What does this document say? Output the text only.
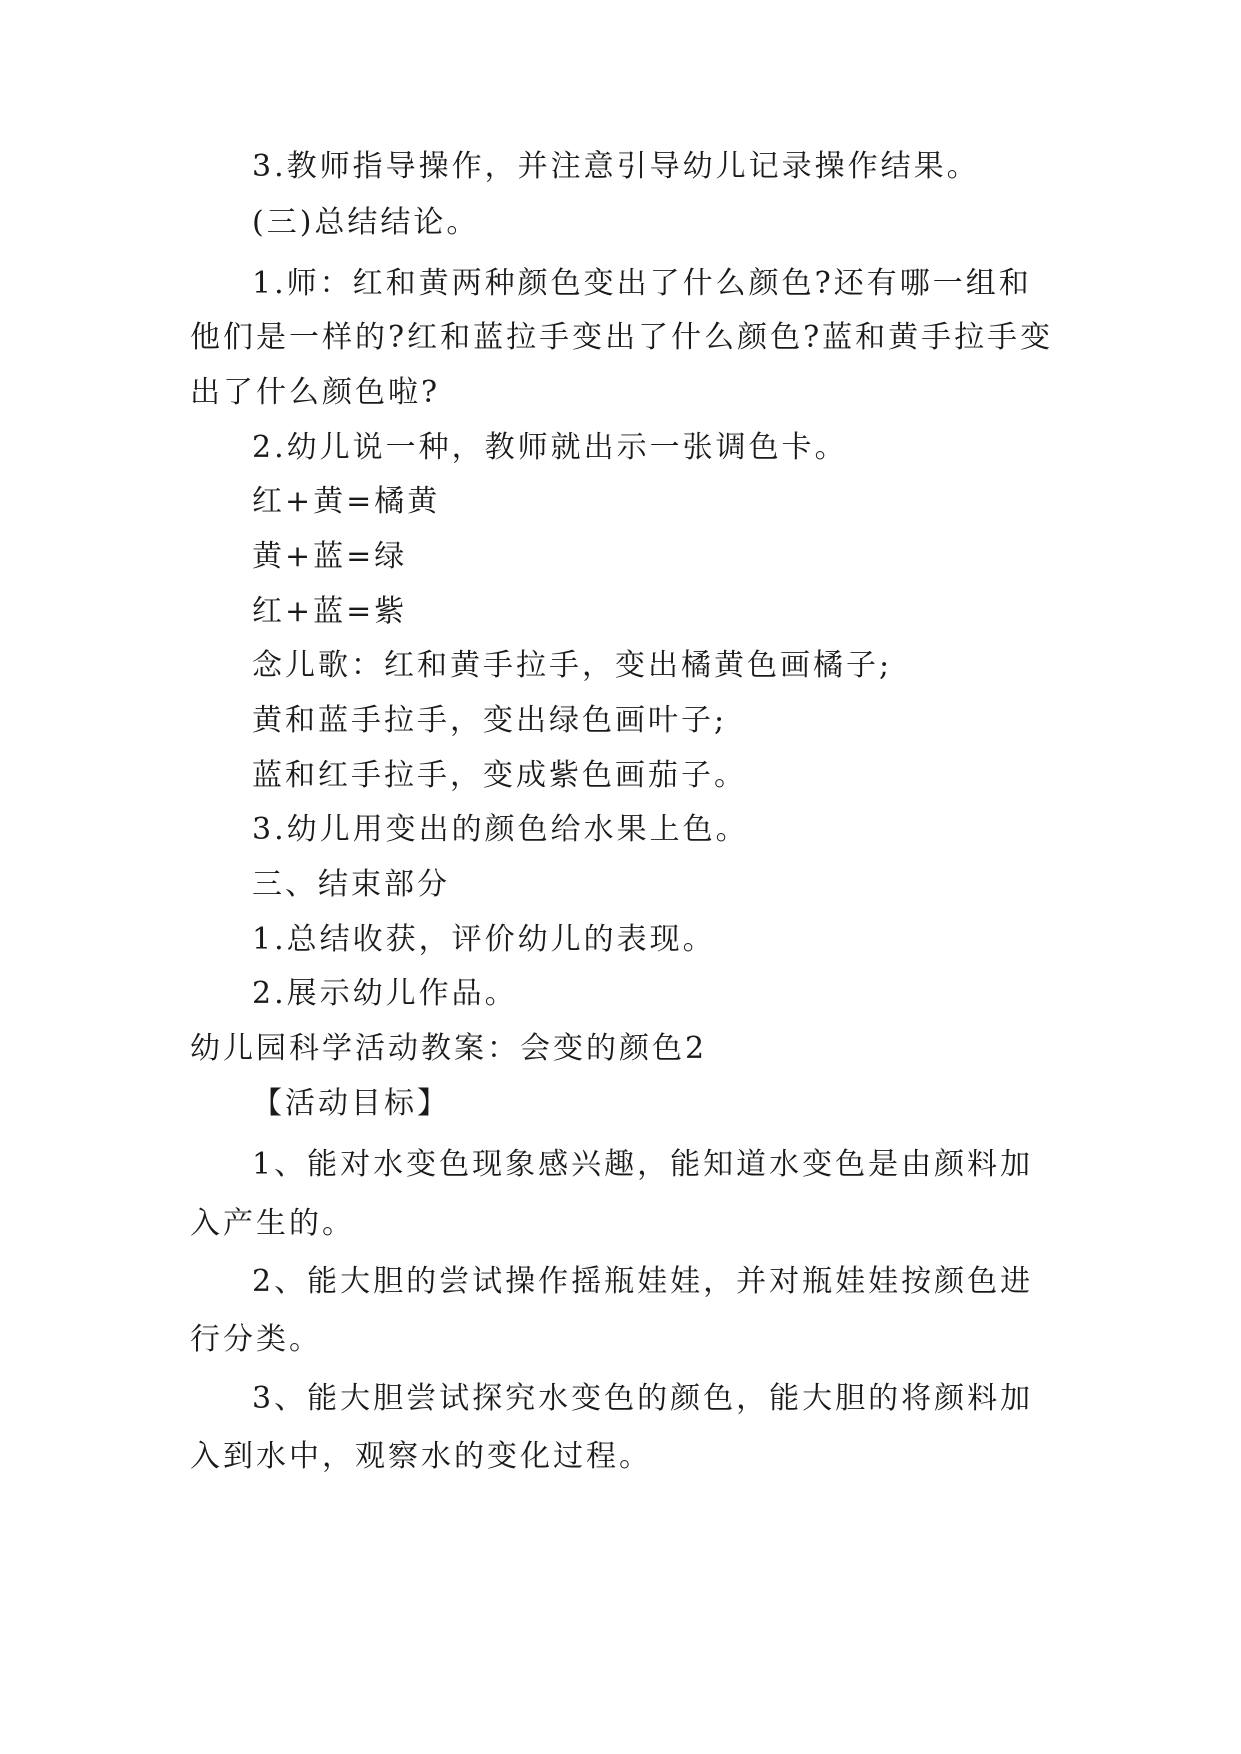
3.教师指导操作，并注意引导幼儿记录操作结果。
(三)总结结论。
1.师：红和黄两种颜色变出了什么颜色?还有哪一组和
他们是一样的?红和蓝拉手变出了什么颜色?蓝和黄手拉手变
出了什么颜色啦?
2.幼儿说一种，教师就出示一张调色卡。
红+黄=橘黄
黄+蓝=绿
红+蓝=紫
念儿歌：红和黄手拉手，变出橘黄色画橘子;
黄和蓝手拉手，变出绿色画叶子;
蓝和红手拉手，变成紫色画茄子。
3.幼儿用变出的颜色给水果上色。
三、结束部分
1.总结收获，评价幼儿的表现。
2.展示幼儿作品。
幼儿园科学活动教案：会变的颜色2
【活动目标】
1、能对水变色现象感兴趣，能知道水变色是由颜料加
入产生的。
2、能大胆的尝试操作摇瓶娃娃，并对瓶娃娃按颜色进
行分类。
3、能大胆尝试探究水变色的颜色，能大胆的将颜料加
入到水中，观察水的变化过程。
